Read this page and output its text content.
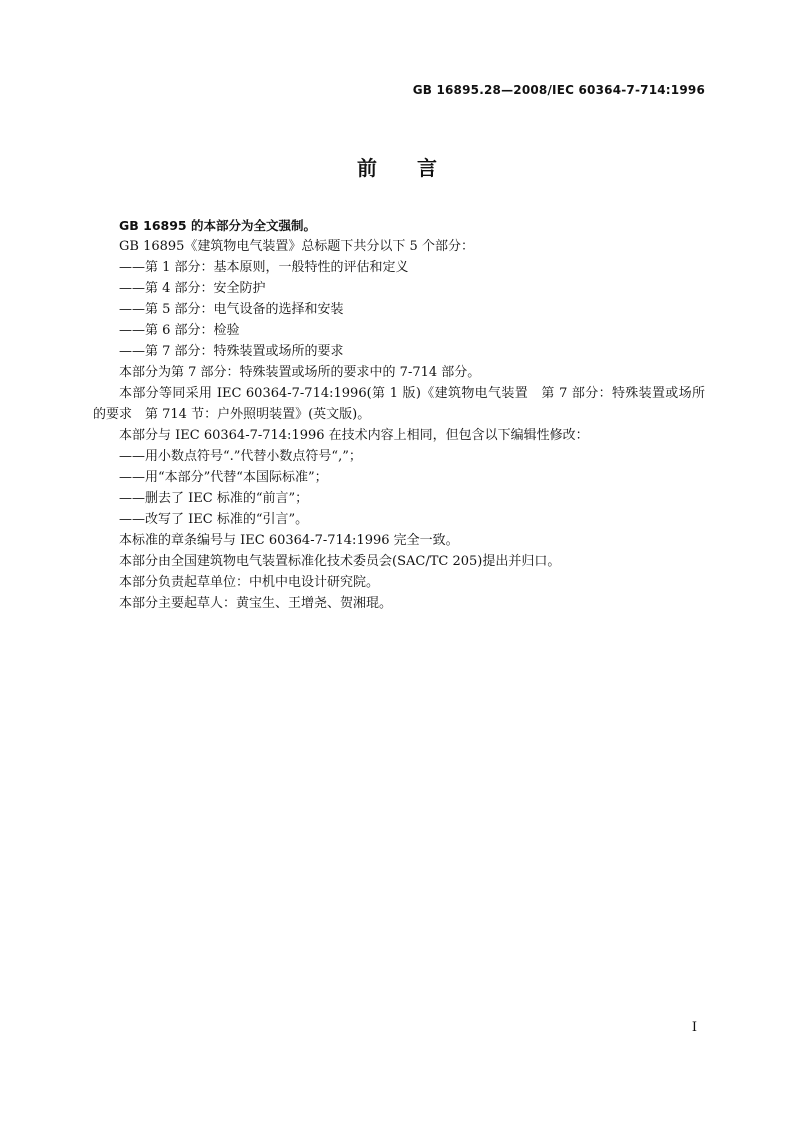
GB 16895.28—2008/IEC 60364-7-714:1996
前言

GB 16895 的本部分为全文强制。

GB 16895《建筑物电气装置》总标题下共分以下 5 个部分：

——第 1 部分：基本原则，一般特性的评估和定义

——第 4 部分：安全防护

——第 5 部分：电气设备的选择和安装

——第 6 部分：检验

——第 7 部分：特殊装置或场所的要求

本部分为第 7 部分：特殊装置或场所的要求中的 7-714 部分。

本部分等同采用 IEC 60364-7-714:1996(第 1 版)《建筑物电气装置　第 7 部分：特殊装置或场所的要求　第 714 节：户外照明装置》(英文版)。

本部分与 IEC 60364-7-714:1996 在技术内容上相同，但包含以下编辑性修改：

——用小数点符号“.”代替小数点符号“,”；

——用“本部分”代替“本国际标准”；

——删去了 IEC 标准的“前言”；

——改写了 IEC 标准的“引言”。

本标准的章条编号与 IEC 60364-7-714:1996 完全一致。

本部分由全国建筑物电气装置标准化技术委员会(SAC/TC 205)提出并归口。

本部分负责起草单位：中机中电设计研究院。

本部分主要起草人：黄宝生、王增尧、贺湘琨。

I
